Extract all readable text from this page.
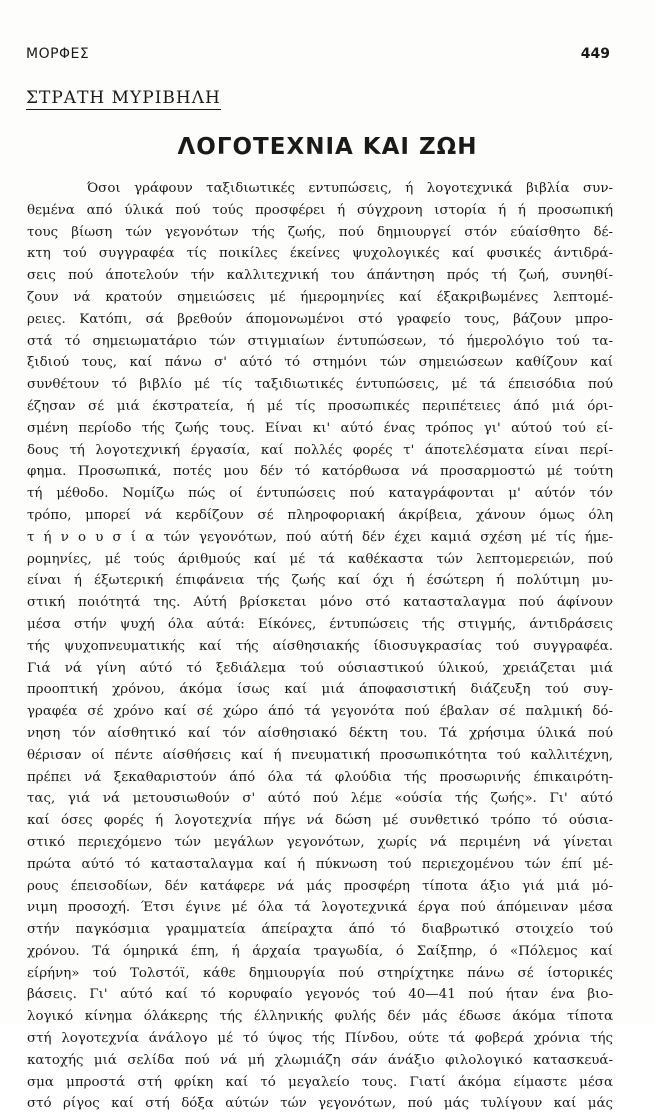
ΜΟΡΦΕΣ	449
ΣΤΡΑΤΗ ΜΥΡΙΒΗΛΗ
ΛΟΓΟΤΕΧΝΙΑ ΚΑΙ ΖΩΗ
Όσοι γράφουν ταξιδιωτικές εντυπώσεις, ή λογοτεχνικά βιβλία συν-
θεμένα από ύλικά πού τούς προσφέρει ή σύγχρονη ιστορία ή ή προσωπική
τους βίωση τών γεγονότων τής ζωής, πού δημιουργεί στόν εύαίσθητο δέ-
κτη τού συγγραφέα τίς ποικίλες έκείνες ψυχολογικές καί φυσικές άντιδρά-
σεις πού άποτελούν τήν καλλιτεχνική του άπάντηση πρός τή ζωή, συνηθί-
ζουν νά κρατούν σημειώσεις μέ ήμερομηνίες καί έξακριβωμένες λεπτομέ-
ρειες. Κατόπι, σά βρεθούν άπομονωμένοι στό γραφείο τους, βάζουν μπρο-
στά τό σημειωματάριο τών στιγμιαίων έντυπώσεων, τό ήμερολόγιο τού τα-
ξιδιού τους, καί πάνω σ' αύτό τό στημόνι τών σημειώσεων καθίζουν καί
συνθέτουν τό βιβλίο μέ τίς ταξιδιωτικές έντυπώσεις, μέ τά έπεισόδια πού
έζησαν σέ μιά έκστρατεία, ή μέ τίς προσωπικές περιπέτειες άπό μιά όρι-
σμένη περίοδο τής ζωής τους. Είναι κι' αύτό ένας τρόπος γι' αύτού τού εί-
δους τή λογοτεχνική έργασία, καί πολλές φορές τ' άποτελέσματα είναι περί-
φημα. Προσωπικά, ποτές μου δέν τό κατόρθωσα νά προσαρμοστώ μέ τούτη
τή μέθοδο. Νομίζω πώς οί έντυπώσεις πού καταγράφονται μ' αύτόν τόν
τρόπο, μπορεί νά κερδίζουν σέ πληροφοριακή άκρίβεια, χάνουν όμως όλη
τ ή ν ο υ σ ί α τών γεγονότων, πού αύτή δέν έχει καμιά σχέση μέ τίς ήμε-
ρομηνίες, μέ τούς άριθμούς καί μέ τά καθέκαστα τών λεπτομερειών, πού
είναι ή έξωτερική έπιφάνεια τής ζωής καί όχι ή έσώτερη ή πολύτιμη μυ-
στική ποιότητά της. Αύτή βρίσκεται μόνο στό κατασταλαγμα πού άφίνουν
μέσα στήν ψυχή όλα αύτά: Είκόνες, έντυπώσεις τής στιγμής, άντιδράσεις
τής ψυχοπνευματικής καί τής αίσθησιακής ίδιοσυγκρασίας τού συγγραφέα.
Γιά νά γίνη αύτό τό ξεδιάλεμα τού ούσιαστικού ύλικού, χρειάζεται μιά
προοπτική χρόνου, άκόμα ίσως καί μιά άποφασιστική διάζευξη τού συγ-
γραφέα σέ χρόνο καί σέ χώρο άπό τά γεγονότα πού έβαλαν σέ παλμική δό-
νηση τόν αίσθητικό καί τόν αίσθησιακό δέκτη του. Τά χρήσιμα ύλικά πού
θέρισαν οί πέντε αίσθήσεις καί ή πνευματική προσωπικότητα τού καλλιτέχνη,
πρέπει νά ξεκαθαριστούν άπό όλα τά φλούδια τής προσωρινής έπικαιρότη-
τας, γιά νά μετουσιωθούν σ' αύτό πού λέμε «ούσία τής ζωής». Γι' αύτό
καί όσες φορές ή λογοτεχνία πήγε νά δώση μέ συνθετικό τρόπο τό ούσια-
στικό περιεχόμενο τών μεγάλων γεγονότων, χωρίς νά περιμένη νά γίνεται
πρώτα αύτό τό κατασταλαγμα καί ή πύκνωση τού περιεχομένου τών έπί μέ-
ρους έπεισοδίων, δέν κατάφερε νά μάς προσφέρη τίποτα άξιο γιά μιά μό-
νιμη προσοχή. Έτσι έγινε μέ όλα τά λογοτεχνικά έργα πού άπόμειναν μέσα
στήν παγκόσμια γραμματεία άπείραχτα άπό τό διαβρωτικό στοιχείο τού
χρόνου. Τά όμηρικά έπη, ή άρχαία τραγωδία, ό Σαίξπηρ, ό «Πόλεμος καί
είρήνη» τού Τολστόϊ, κάθε δημιουργία πού στηρίχτηκε πάνω σέ ίστορικές
βάσεις. Γι' αύτό καί τό κορυφαίο γεγονός τού 40—41 πού ήταν ένα βιο-
λογικό κίνημα όλάκερης τής έλληνικής φυλής δέν μάς έδωσε άκόμα τίποτα
στή λογοτεχνία άνάλογο μέ τό ύψος τής Πίνδου, ούτε τά φοβερά χρόνια τής
κατοχής μιά σελίδα πού νά μή χλωμιάζη σάν άνάξιο φιλολογικό κατασκευά-
σμα μπροστά στή φρίκη καί τό μεγαλείο τους. Γιατί άκόμα είμαστε μέσα
στό ρίγος καί στή δόξα αύτών τών γεγονότων, πού μάς τυλίγουν καί μάς
